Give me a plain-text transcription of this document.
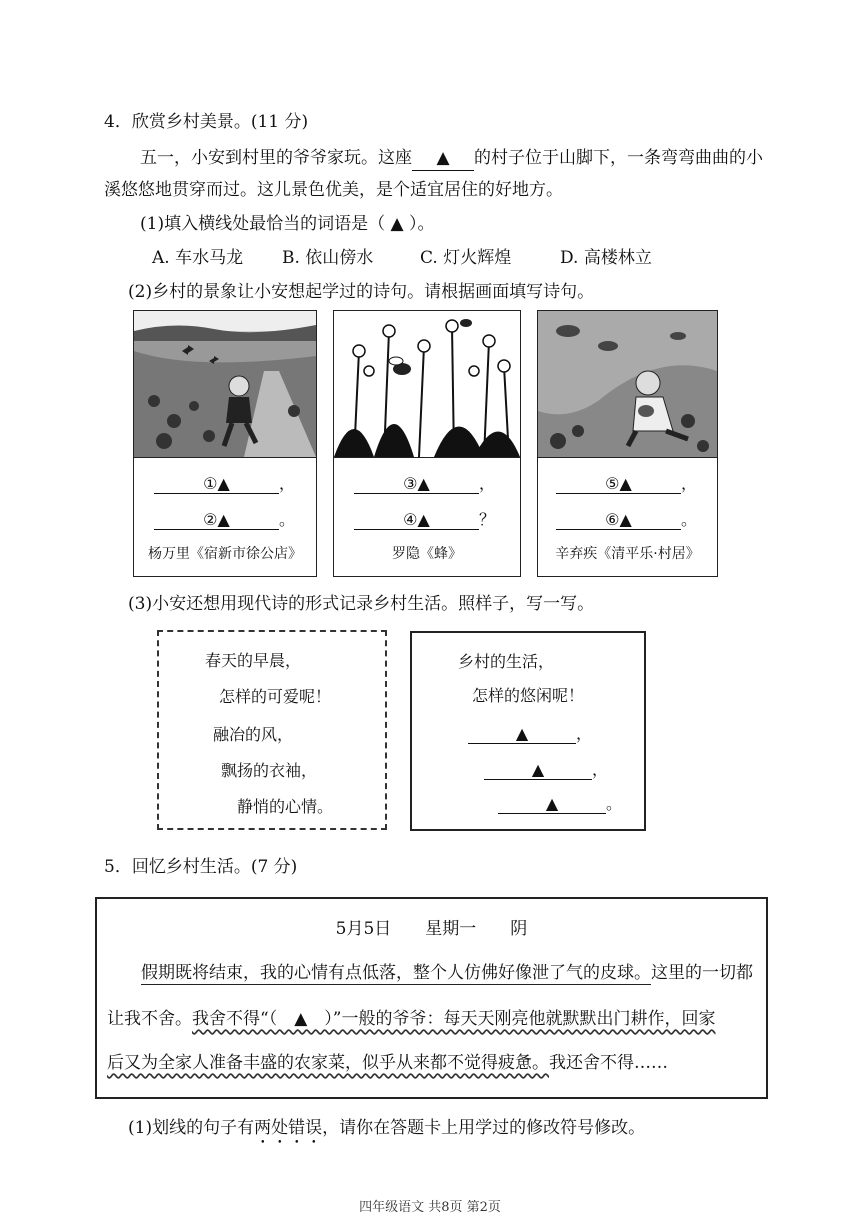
4．欣赏乡村美景。(11 分)
五一，小安到村里的爷爷家玩。这座 ▲ 的村子位于山脚下，一条弯弯曲曲的小
溪悠悠地贯穿而过。这儿景色优美，是个适宜居住的好地方。
(1)填入横线处最恰当的词语是（ ▲ ）。
A. 车水马龙 B. 依山傍水	C. 灯火辉煌	D. 高楼林立
(2)乡村的景象让小安想起学过的诗句。请根据画面填写诗句。
①▲	，
②▲	。
杨万里《宿新市徐公店》
③▲	，
④▲	？
罗隐《蜂》
⑤▲	，
⑥▲	。
辛弃疾《清平乐·村居》
(3)小安还想用现代诗的形式记录乡村生活。照样子，写一写。
春天的早晨，
怎样的可爱呢！
融冶的风，
飘扬的衣袖，
静悄的心情。
乡村的生活，
怎样的悠闲呢！
▲	，
▲	，
▲	。
5．回忆乡村生活。(7 分)
5月5日　　星期一　　阴
假期既将结束，我的心情有点低落，整个人仿佛好像泄了气的皮球。这里的一切都
让我不舍。我舍不得“（　▲　）”一般的爷爷：每天天刚亮他就默默出门耕作，回家
后又为全家人准备丰盛的农家菜，似乎从来都不觉得疲惫。我还舍不得……
(1)划线的句子有两处错误，请你在答题卡上用学过的修改符号修改。
四年级语文 共8页 第2页
